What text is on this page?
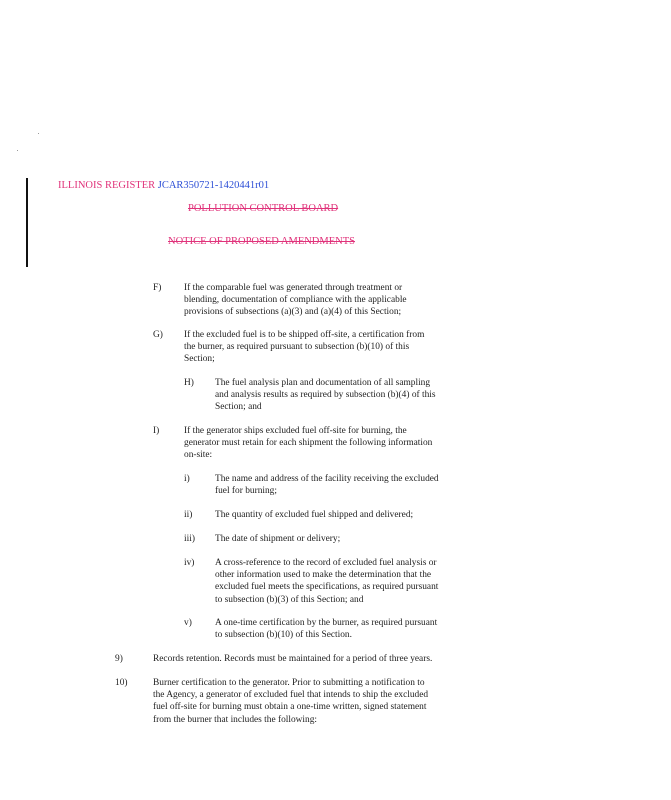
ILLINOIS REGISTER JCAR350721-1420441r01
POLLUTION CONTROL BOARD
NOTICE OF PROPOSED AMENDMENTS
F) If the comparable fuel was generated through treatment or
blending, documentation of compliance with the applicable
provisions of subsections (a)(3) and (a)(4) of this Section;
G) If the excluded fuel is to be shipped off-site, a certification from
the burner, as required pursuant to subsection (b)(10) of this
Section;
H) The fuel analysis plan and documentation of all sampling
and analysis results as required by subsection (b)(4) of this
Section; and
I)	If the generator ships excluded fuel off-site for burning, the
generator must retain for each shipment the following information
on-site:
i)	The name and address of the facility receiving the excluded
fuel for burning;
ii) The quantity of excluded fuel shipped and delivered;
iii) The date of shipment or delivery;
iv) A cross-reference to the record of excluded fuel analysis or
other information used to make the determination that the
excluded fuel meets the specifications, as required pursuant
to subsection (b)(3) of this Section; and
v) A one-time certification by the burner, as required pursuant
to subsection (b)(10) of this Section.
9)	Records retention. Records must be maintained for a period of three years.
10)	Burner certification to the generator. Prior to submitting a notification to
the Agency, a generator of excluded fuel that intends to ship the excluded
fuel off-site for burning must obtain a one-time written, signed statement
from the burner that includes the following:
